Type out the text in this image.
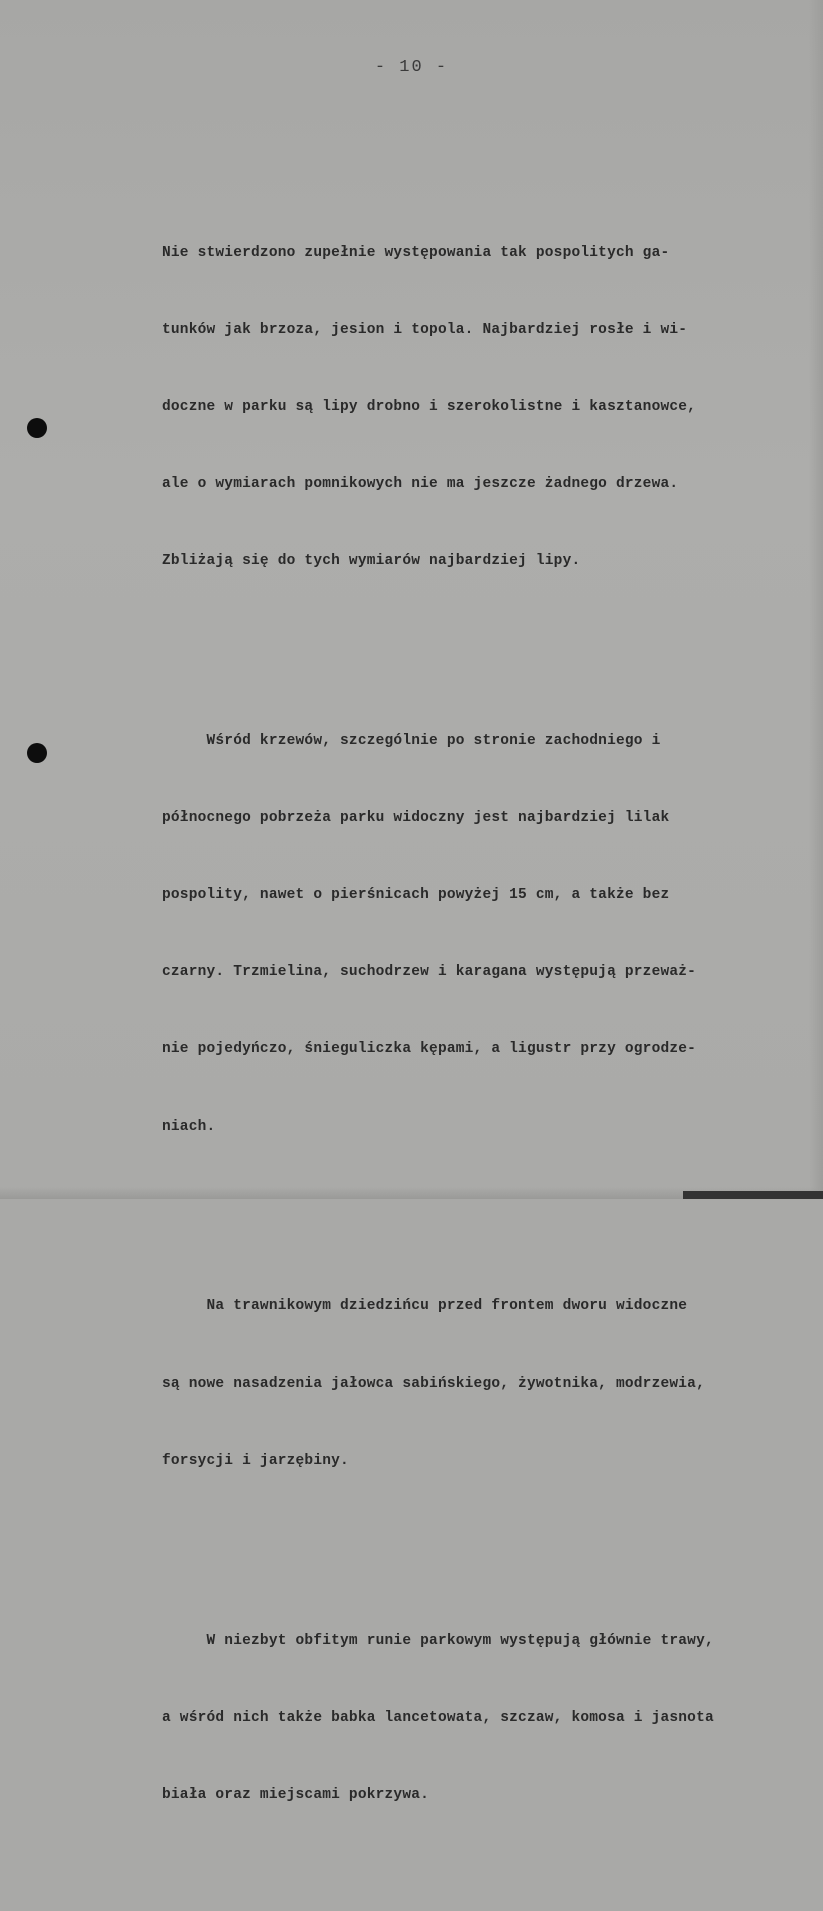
- 10 -

Nie stwierdzono zupełnie występowania tak pospolitych ga-

tunków jak brzoza, jesion i topola. Najbardziej rosłe i wi-

doczne w parku są lipy drobno i szerokolistne i kasztanowce,

ale o wymiarach pomnikowych nie ma jeszcze żadnego drzewa.

Zbliżają się do tych wymiarów najbardziej lipy.

Wśród krzewów, szczególnie po stronie zachodniego i

północnego pobrzeża parku widoczny jest najbardziej lilak

pospolity, nawet o pierśnicach powyżej 15 cm, a także bez

czarny. Trzmielina, suchodrzew i karagana występują przeważ-

nie pojedyńczo, śnieguliczka kępami, a ligustr przy ogrodze-

niach.

Na trawnikowym dziedzińcu przed frontem dworu widoczne

są nowe nasadzenia jałowca sabińskiego, żywotnika, modrzewia,

forsycji i jarzębiny.

W niezbyt obfitym runie parkowym występują głównie trawy,

a wśród nich także babka lancetowata, szczaw, komosa i jasnota

biała oraz miejscami pokrzywa.
